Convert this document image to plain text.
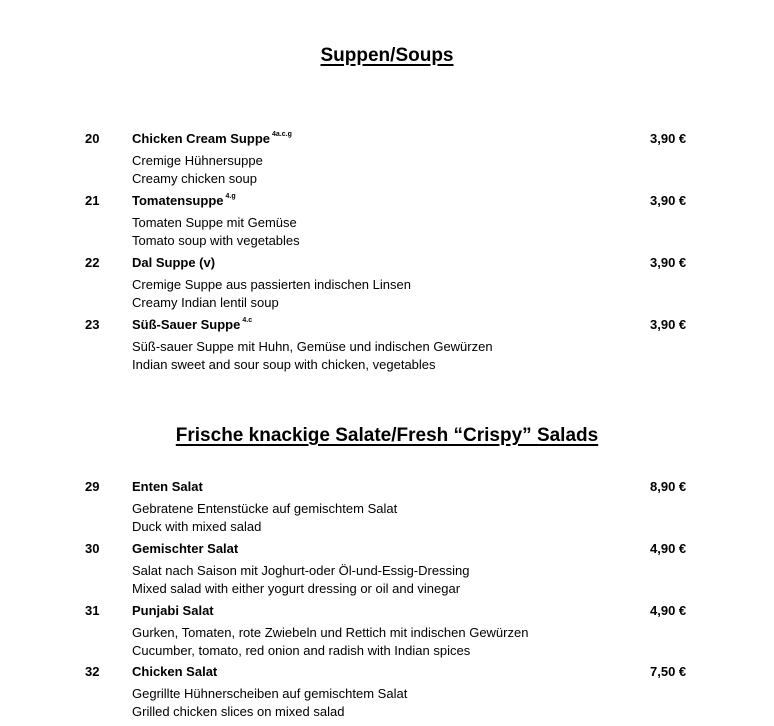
Suppen/Soups
20	Chicken Cream Suppe $^{4a.c.g}$	3,90 €
Cremige Hühnersuppe
Creamy chicken soup
21	Tomatensuppe $^{4.g}$	3,90 €
Tomaten Suppe mit Gemüse
Tomato soup with vegetables
22	Dal Suppe (v)	3,90 €
Cremige Suppe aus passierten indischen Linsen
Creamy Indian lentil soup
23	Süß-Sauer Suppe $^{4.c}$	3,90 €
Süß-sauer Suppe mit Huhn, Gemüse und indischen Gewürzen
Indian sweet and sour soup with chicken, vegetables
Frische knackige Salate/Fresh “Crispy” Salads
29	Enten Salat	8,90 €
Gebratene Entenstücke auf gemischtem Salat
Duck with mixed salad
30	Gemischter Salat	4,90 €
Salat nach Saison mit Joghurt-oder Öl-und-Essig-Dressing
Mixed salad with either yogurt dressing or oil and vinegar
31	Punjabi Salat	4,90 €
Gurken, Tomaten, rote Zwiebeln und Rettich mit indischen Gewürzen
Cucumber, tomato, red onion and radish with Indian spices
32	Chicken Salat	7,50 €
Gegrillte Hühnerscheiben auf gemischtem Salat
Grilled chicken slices on mixed salad
